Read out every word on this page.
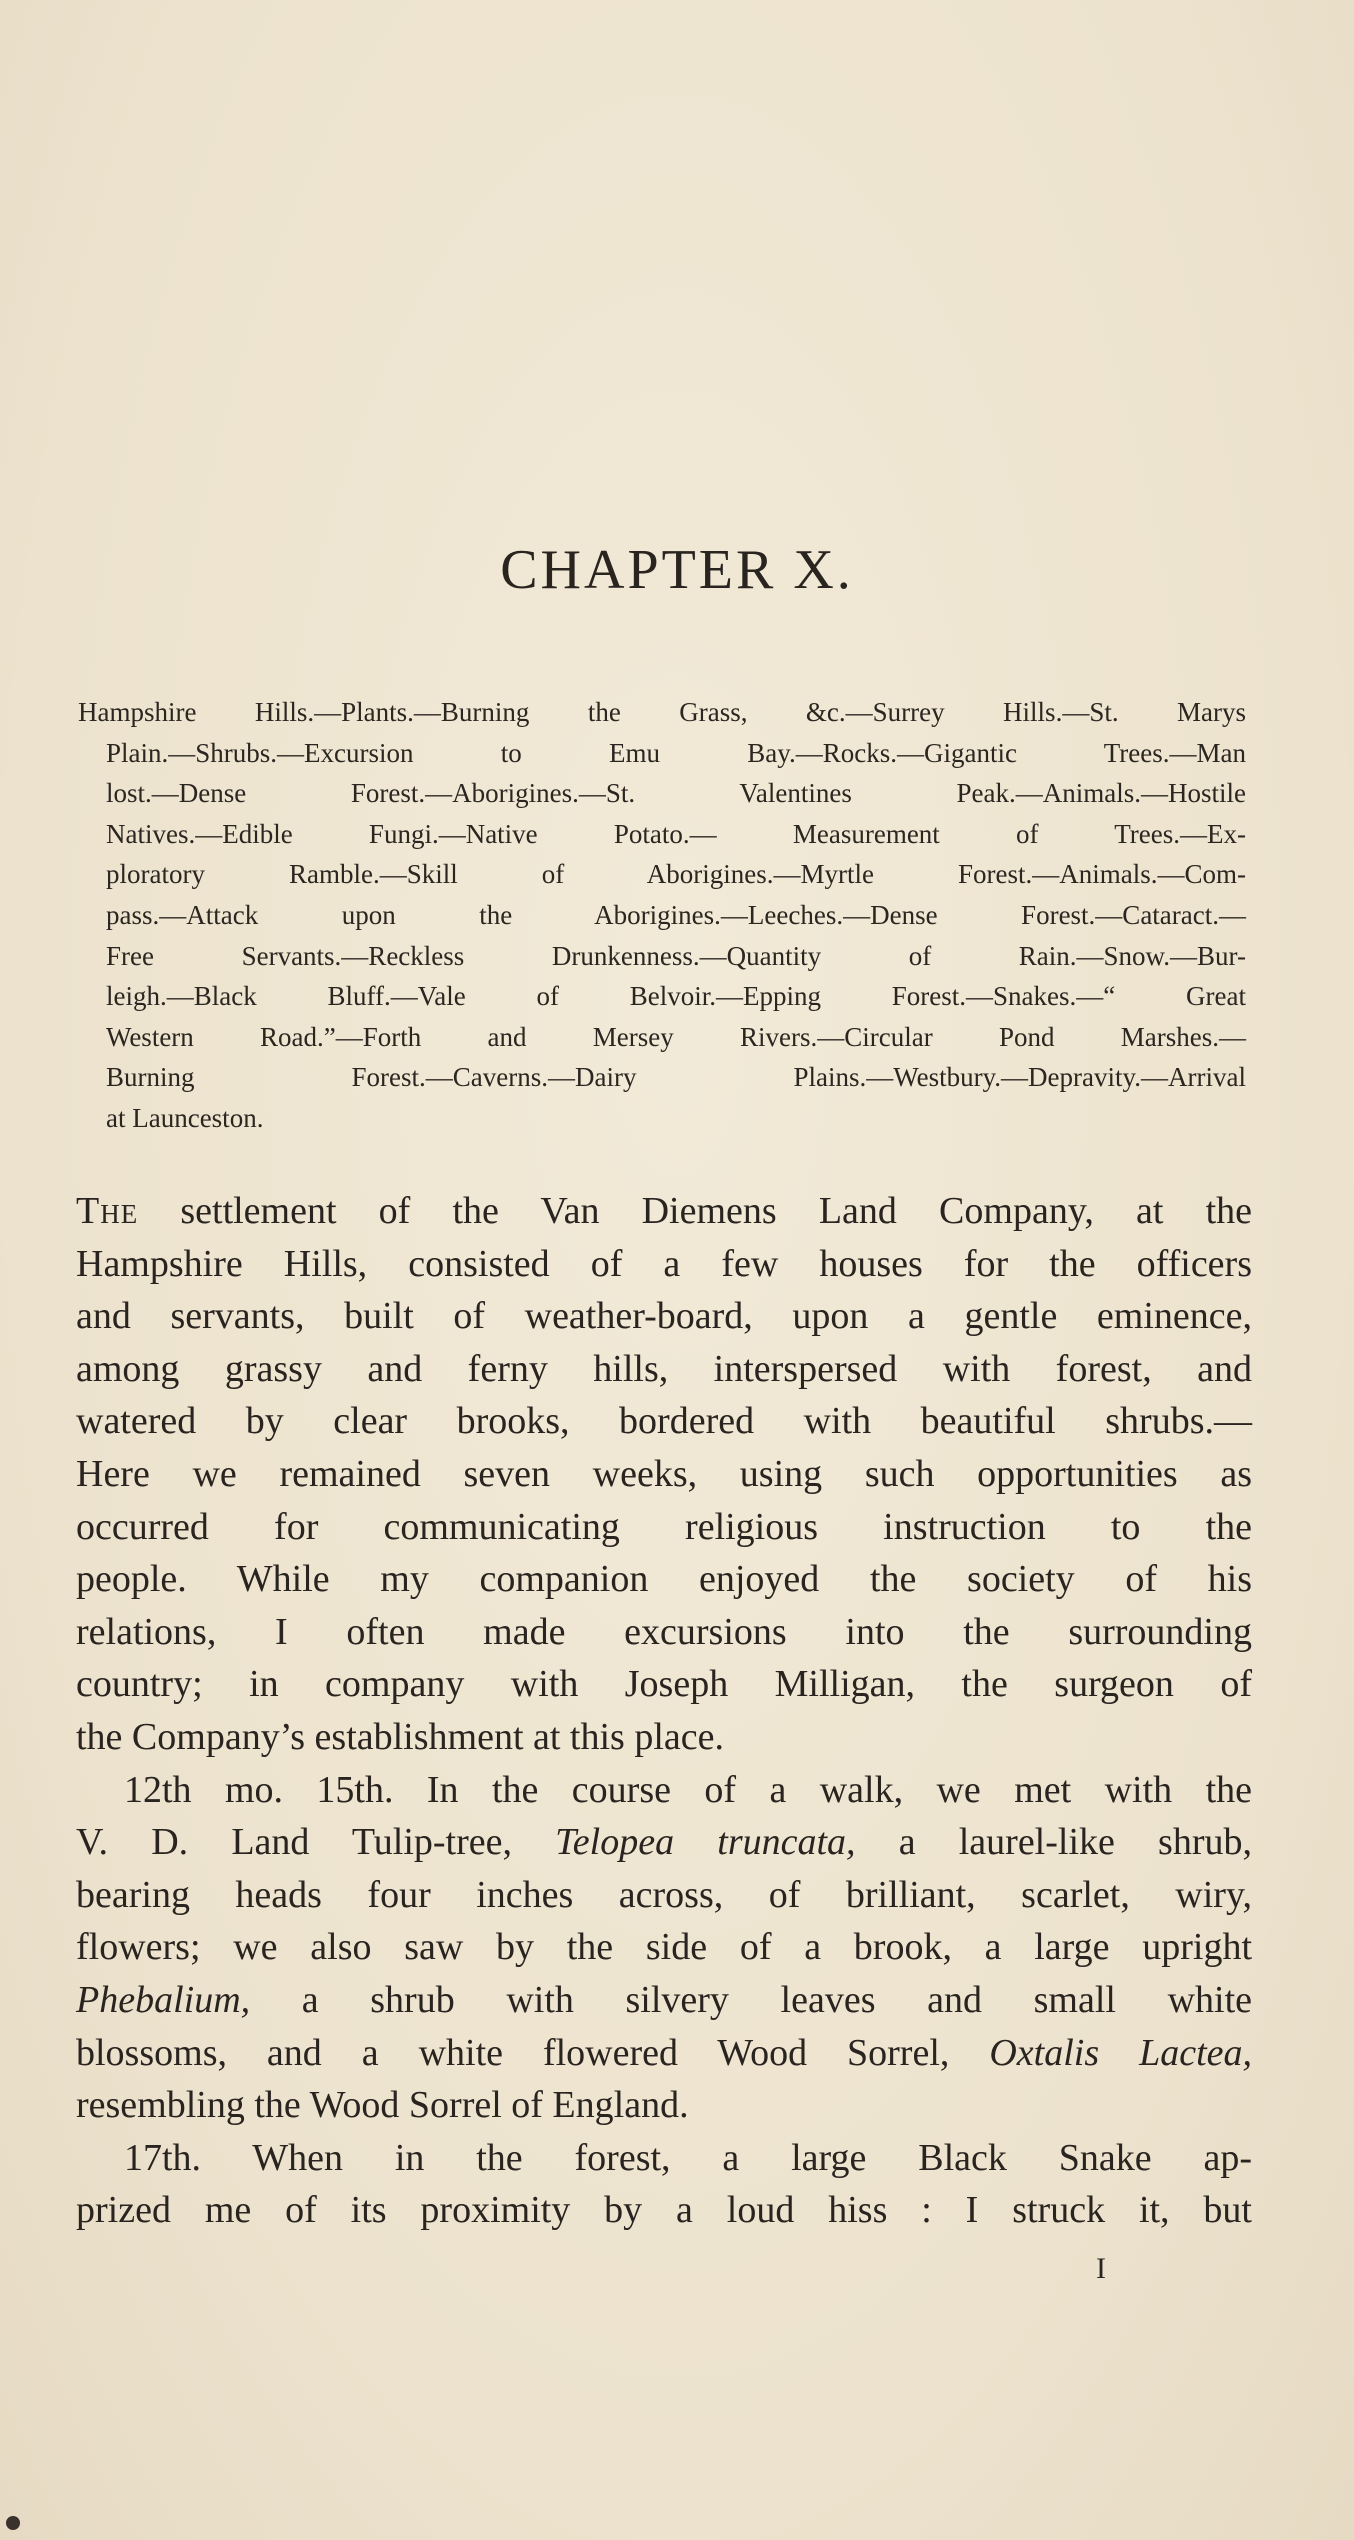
CHAPTER X.
Hampshire Hills.—Plants.—Burning the Grass, &c.—Surrey Hills.—St. Marys
Plain.—Shrubs.—Excursion to Emu Bay.—Rocks.—Gigantic Trees.—Man
lost.—Dense Forest.—Aborigines.—St. Valentines Peak.—Animals.—Hostile
Natives.—Edible Fungi.—Native Potato.— Measurement of Trees.—Ex-
ploratory Ramble.—Skill of Aborigines.—Myrtle Forest.—Animals.—Com-
pass.—Attack upon the Aborigines.—Leeches.—Dense Forest.—Cataract.—
Free Servants.—Reckless Drunkenness.—Quantity of Rain.—Snow.—Bur-
leigh.—Black Bluff.—Vale of Belvoir.—Epping Forest.—Snakes.—“ Great
Western Road.”—Forth and Mersey Rivers.—Circular Pond Marshes.—
Burning Forest.—Caverns.—Dairy Plains.—Westbury.—Depravity.—Arrival
at Launceston.
The settlement of the Van Diemens Land Company, at the
Hampshire Hills, consisted of a few houses for the officers
and servants, built of weather-board, upon a gentle eminence,
among grassy and ferny hills, interspersed with forest, and
watered by clear brooks, bordered with beautiful shrubs.—
Here we remained seven weeks, using such opportunities as
occurred for communicating religious instruction to the
people. While my companion enjoyed the society of his
relations, I often made excursions into the surrounding
country; in company with Joseph Milligan, the surgeon of
the Company’s establishment at this place.
12th mo. 15th. In the course of a walk, we met with the
V. D. Land Tulip-tree, Telopea truncata, a laurel-like shrub,
bearing heads four inches across, of brilliant, scarlet, wiry,
flowers; we also saw by the side of a brook, a large upright
Phebalium, a shrub with silvery leaves and small white
blossoms, and a white flowered Wood Sorrel, Oxtalis Lactea,
resembling the Wood Sorrel of England.
17th. When in the forest, a large Black Snake ap-
prized me of its proximity by a loud hiss : I struck it, but
I
